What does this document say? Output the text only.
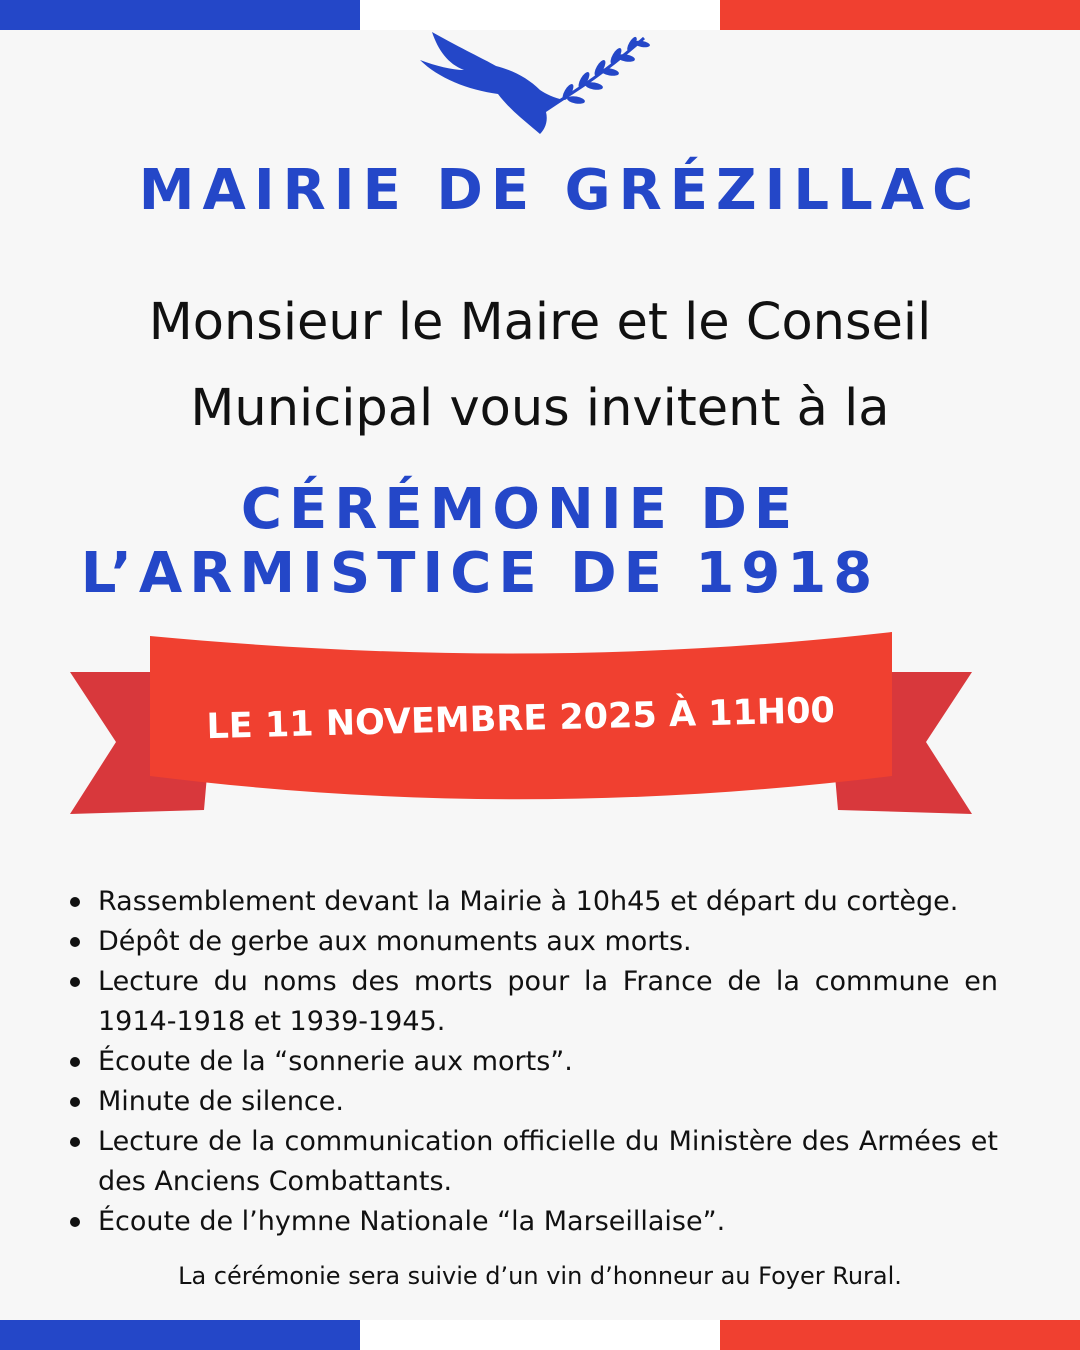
MAIRIE DE GRÉZILLAC
Monsieur le Maire et le Conseil
Municipal vous invitent à la
CÉRÉMONIE DE
L’ARMISTICE DE 1918
LE 11 NOVEMBRE 2025 À 11H00
Rassemblement devant la Mairie à 10h45 et départ du cortège.
Dépôt de gerbe aux monuments aux morts.
Lecture du noms des morts pour la France de la commune en 1914-1918 et 1939-1945.
Écoute de la “sonnerie aux morts”.
Minute de silence.
Lecture de la communication officielle du Ministère des Armées et des Anciens Combattants.
Écoute de l’hymne Nationale “la Marseillaise”.
La cérémonie sera suivie d’un vin d’honneur au Foyer Rural.
